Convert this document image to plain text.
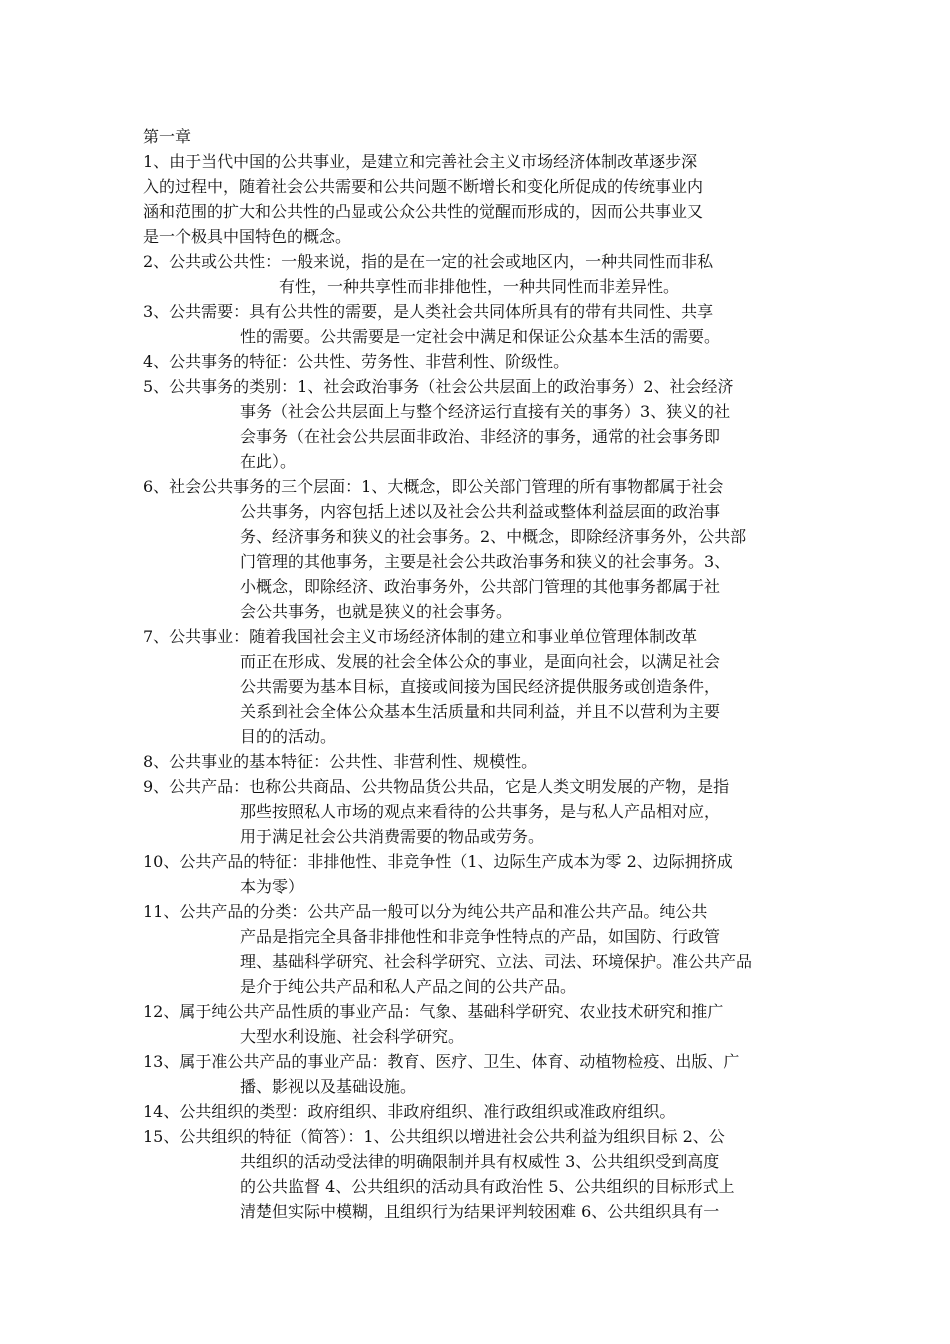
第一章
1、由于当代中国的公共事业，是建立和完善社会主义市场经济体制改革逐步深
入的过程中，随着社会公共需要和公共问题不断增长和变化所促成的传统事业内
涵和范围的扩大和公共性的凸显或公众公共性的觉醒而形成的，因而公共事业又
是一个极具中国特色的概念。
2、公共或公共性：一般来说，指的是在一定的社会或地区内，一种共同性而非私
有性，一种共享性而非排他性，一种共同性而非差异性。
3、公共需要：具有公共性的需要，是人类社会共同体所具有的带有共同性、共享
性的需要。公共需要是一定社会中满足和保证公众基本生活的需要。
4、公共事务的特征：公共性、劳务性、非营利性、阶级性。
5、公共事务的类别：1、社会政治事务（社会公共层面上的政治事务）2、社会经济
事务（社会公共层面上与整个经济运行直接有关的事务）3、狭义的社
会事务（在社会公共层面非政治、非经济的事务，通常的社会事务即
在此）。
6、社会公共事务的三个层面：1、大概念，即公关部门管理的所有事物都属于社会
公共事务，内容包括上述以及社会公共利益或整体利益层面的政治事
务、经济事务和狭义的社会事务。2、中概念，即除经济事务外，公共部
门管理的其他事务，主要是社会公共政治事务和狭义的社会事务。3、
小概念，即除经济、政治事务外，公共部门管理的其他事务都属于社
会公共事务，也就是狭义的社会事务。
7、公共事业：随着我国社会主义市场经济体制的建立和事业单位管理体制改革
而正在形成、发展的社会全体公众的事业，是面向社会，以满足社会
公共需要为基本目标，直接或间接为国民经济提供服务或创造条件，
关系到社会全体公众基本生活质量和共同利益，并且不以营利为主要
目的的活动。
8、公共事业的基本特征：公共性、非营利性、规模性。
9、公共产品：也称公共商品、公共物品货公共品，它是人类文明发展的产物，是指
那些按照私人市场的观点来看待的公共事务，是与私人产品相对应，
用于满足社会公共消费需要的物品或劳务。
10、公共产品的特征：非排他性、非竞争性（1、边际生产成本为零 2、边际拥挤成
本为零）
11、公共产品的分类：公共产品一般可以分为纯公共产品和准公共产品。纯公共
产品是指完全具备非排他性和非竞争性特点的产品，如国防、行政管
理、基础科学研究、社会科学研究、立法、司法、环境保护。准公共产品
是介于纯公共产品和私人产品之间的公共产品。
12、属于纯公共产品性质的事业产品：气象、基础科学研究、农业技术研究和推广
大型水利设施、社会科学研究。
13、属于准公共产品的事业产品：教育、医疗、卫生、体育、动植物检疫、出版、广
播、影视以及基础设施。
14、公共组织的类型：政府组织、非政府组织、准行政组织或准政府组织。
15、公共组织的特征（简答）：1、公共组织以增进社会公共利益为组织目标 2、公
共组织的活动受法律的明确限制并具有权威性 3、公共组织受到高度
的公共监督 4、公共组织的活动具有政治性 5、公共组织的目标形式上
清楚但实际中模糊，且组织行为结果评判较困难 6、公共组织具有一
